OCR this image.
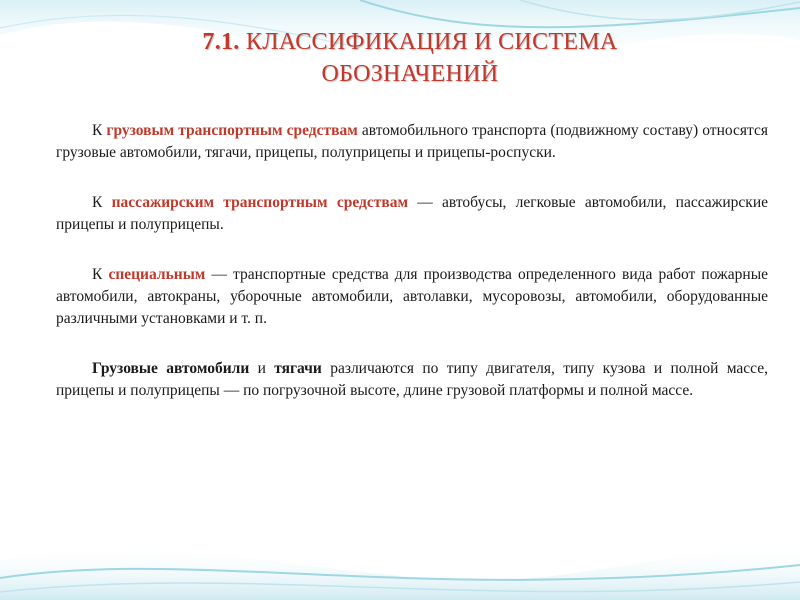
7.1. КЛАССИФИКАЦИЯ И СИСТЕМА ОБОЗНАЧЕНИЙ

К грузовым транспортным средствам автомобильного транспорта (подвижному составу) относятся грузовые автомобили, тягачи, прицепы, полуприцепы и прицепы-роспуски.

К пассажирским транспортным средствам — автобусы, легковые автомобили, пассажирские прицепы и полуприцепы.

К специальным — транспортные средства для производства определенного вида работ пожарные автомобили, автокраны, уборочные автомобили, автолавки, мусоровозы, автомобили, оборудованные различными установками и т. п.

Грузовые автомобили и тягачи различаются по типу двигателя, типу кузова и полной массе, прицепы и полуприцепы — по погрузочной высоте, длине грузовой платформы и полной массе.
